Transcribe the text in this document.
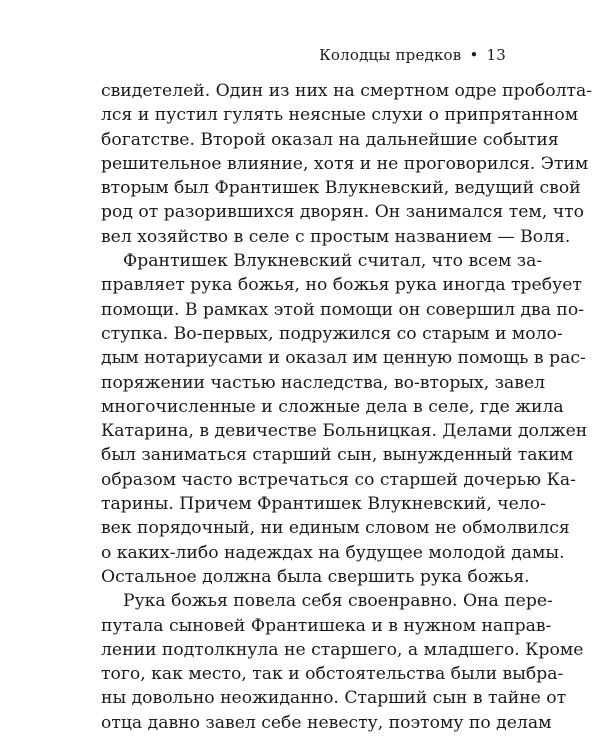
Колодцы предков • 13
свидетелей. Один из них на смертном одре проболта-
лся и пустил гулять неясные слухи о припрятанном
богатстве. Второй оказал на дальнейшие события
решительное влияние, хотя и не проговорился. Этим
вторым был Франтишек Влукневский, ведущий свой
род от разорившихся дворян. Он занимался тем, что
вел хозяйство в селе с простым названием — Воля.
Франтишек Влукневский считал, что всем за-
правляет рука божья, но божья рука иногда требует
помощи. В рамках этой помощи он совершил два по-
ступка. Во-первых, подружился со старым и моло-
дым нотариусами и оказал им ценную помощь в рас-
поряжении частью наследства, во-вторых, завел
многочисленные и сложные дела в селе, где жила
Катарина, в девичестве Больницкая. Делами должен
был заниматься старший сын, вынужденный таким
образом часто встречаться со старшей дочерью Ка-
тарины. Причем Франтишек Влукневский, чело-
век порядочный, ни единым словом не обмолвился
о каких-либо надеждах на будущее молодой дамы.
Остальное должна была свершить рука божья.
Рука божья повела себя своенравно. Она пере-
путала сыновей Франтишека и в нужном направ-
лении подтолкнула не старшего, а младшего. Кроме
того, как место, так и обстоятельства были выбра-
ны довольно неожиданно. Старший сын в тайне от
отца давно завел себе невесту, поэтому по делам
